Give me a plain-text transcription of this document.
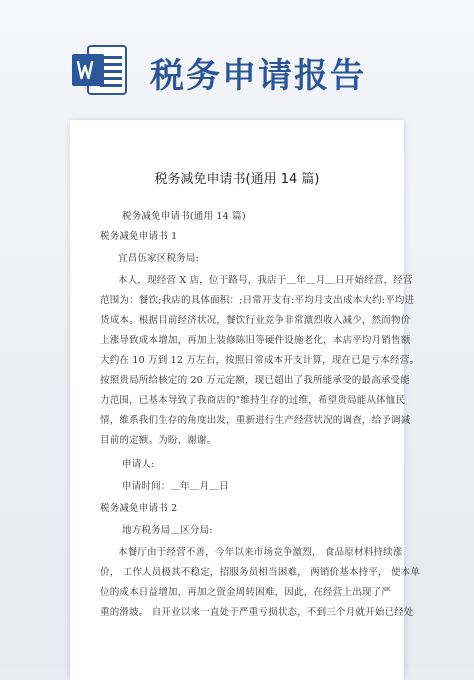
税务申请报告
税务减免申请书(通用 14 篇)
税务减免申请书(通用 14 篇)
税务减免申请书 1
宜昌伍家区税务局:
本人，现经营 X 店，位于路号，我店于＿年＿月＿日开始经营，经营
范围为：餐饮;我店的具体面积：;日常开支有:平均月支出成本大约:平均进
货成本。根据目前经济状况，餐饮行业竞争非常激烈收入减少，然而物价
上涨导致成本增加，再加上装修陈旧等硬件设施老化，本店平均月销售额
大约在 10 万到 12 万左右，按照日常成本开支计算，现在已是亏本经营。
按照贵局所给核定的 20 万元定额，现已超出了我所能承受的最高承受能
力范围，已基本导致了我商店的"维持生存的过维，希望贵局能从体恤民
情，维系我们生存的角度出发，重新进行生产经营状况的调查，给予调减
目前的定额。为盼，谢谢。
申请人:
申请时间：＿年＿月＿日
税务减免申请书 2
地方税务局＿区分局:
本餐厅由于经营不善，今年以来市场竞争激烈， 食品原材料持续涨
价， 工作人员极其不稳定，招服务员相当困难， 两销价基本持平， 使本单
位的成本日益增加，再加之资金周转困难，因此，在经营上出现了严
重的滑坡。 自开业以来一直处于严重亏损状态，不到三个月就开始已经处
